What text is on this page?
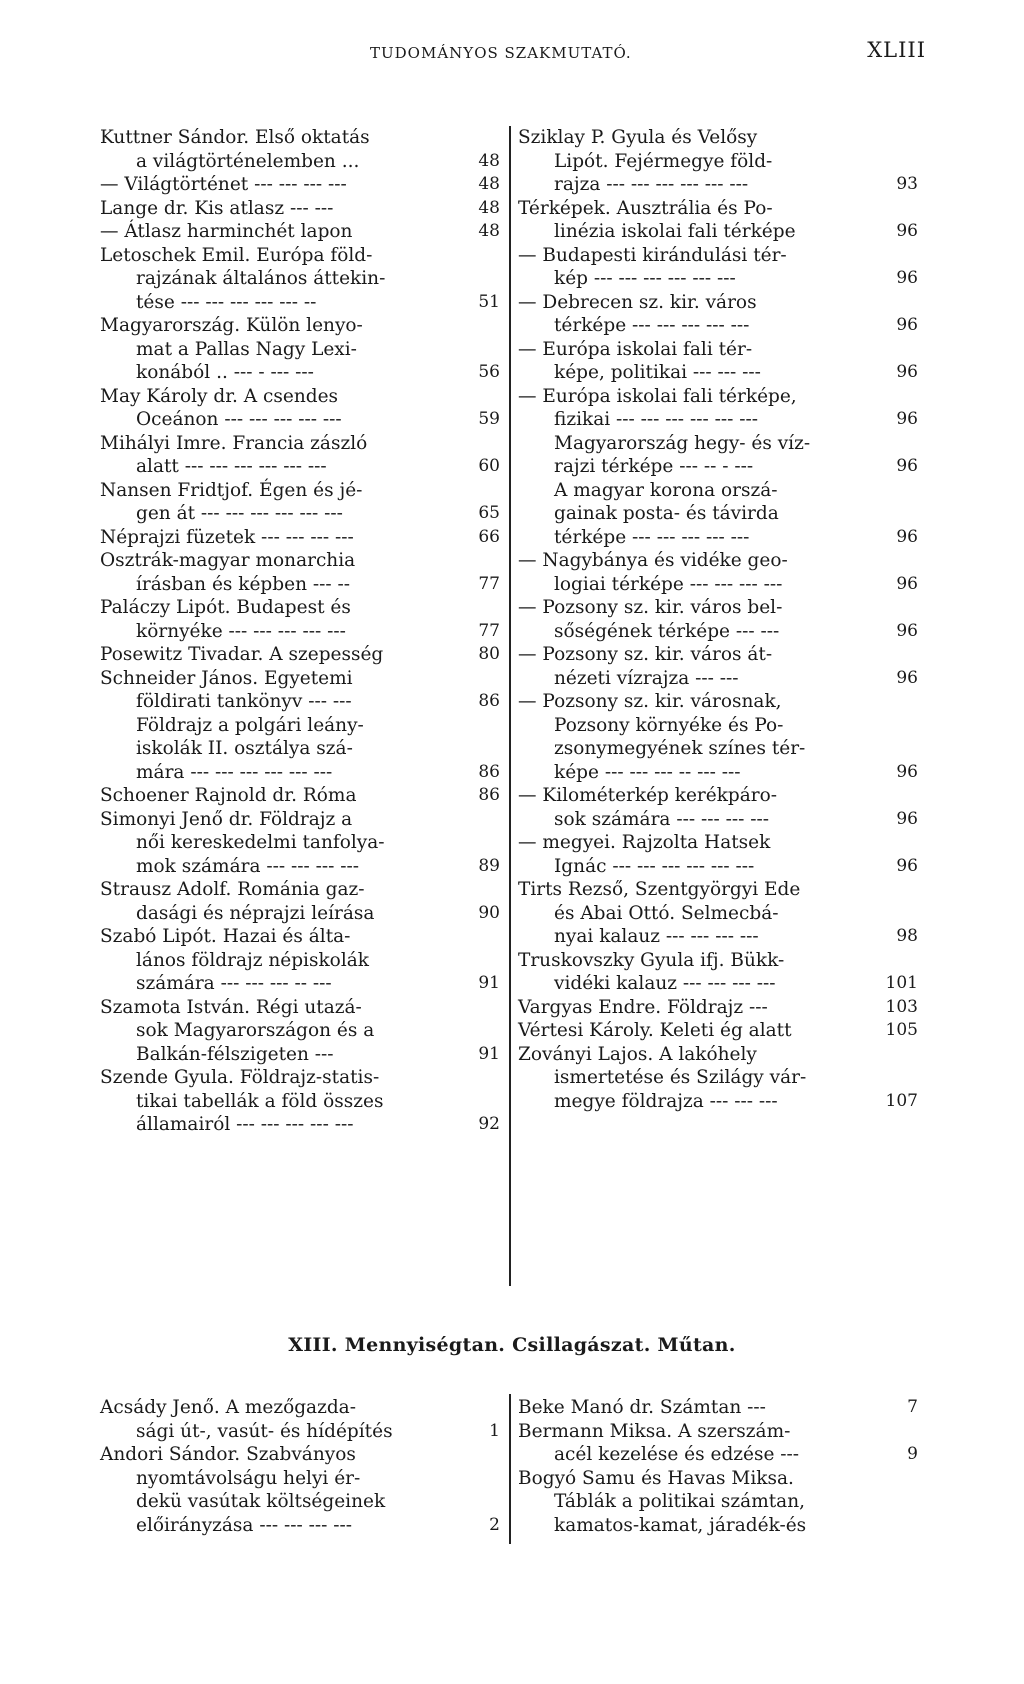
TUDOMÁNYOS SZAKMUTATÓ.	XLIII
Kuttner Sándor. Első oktatás
a világtörténelemben ...	48
— Világtörténet --- --- --- ---	48
Lange dr. Kis atlasz --- ---	48
— Átlasz harminchét lapon	48
Letoschek Emil. Európa föld-
rajzának általános áttekin-
tése --- --- --- --- --- --	51
Magyarország. Külön lenyo-
mat a Pallas Nagy Lexi-
konából .. --- - --- ---	56
May Károly dr. A csendes
Oceánon --- --- --- --- ---	59
Mihályi Imre. Francia zászló
alatt --- --- --- --- --- ---	60
Nansen Fridtjof. Égen és jé-
gen át --- --- --- --- --- ---	65
Néprajzi füzetek --- --- --- ---	66
Osztrák-magyar monarchia
írásban és képben --- --	77
Paláczy Lipót. Budapest és
környéke --- --- --- --- ---	77
Posewitz Tivadar. A szepesség	80
Schneider János. Egyetemi
földirati tankönyv --- ---	86
Földrajz a polgári leány-
iskolák II. osztálya szá-
mára --- --- --- --- --- ---	86
Schoener Rajnold dr. Róma	86
Simonyi Jenő dr. Földrajz a
női kereskedelmi tanfolya-
mok számára --- --- --- ---	89
Strausz Adolf. Románia gaz-
dasági és néprajzi leírása	90
Szabó Lipót. Hazai és álta-
lános földrajz népiskolák
számára --- --- --- -- ---	91
Szamota István. Régi utazá-
sok Magyarországon és a
Balkán-félszigeten ---	91
Szende Gyula. Földrajz-statis-
tikai tabellák a föld összes
államairól --- --- --- --- ---	92
Sziklay P. Gyula és Velősy
Lipót. Fejérmegye föld-
rajza --- --- --- --- --- ---	93
Térképek. Ausztrália és Po-
linézia iskolai fali térképe	96
— Budapesti kirándulási tér-
kép --- --- --- --- --- ---	96
— Debrecen sz. kir. város
térképe --- --- --- --- ---	96
— Európa iskolai fali tér-
képe, politikai --- --- ---	96
— Európa iskolai fali térképe,
fizikai --- --- --- --- --- ---	96
Magyarország hegy- és víz-
rajzi térképe --- -- - ---	96
A magyar korona orszá-
gainak posta- és távirda
térképe --- --- --- --- ---	96
— Nagybánya és vidéke geo-
logiai térképe --- --- --- ---	96
— Pozsony sz. kir. város bel-
sőségének térképe --- ---	96
— Pozsony sz. kir. város át-
nézeti vízrajza --- ---	96
— Pozsony sz. kir. városnak,
Pozsony környéke és Po-
zsonymegyének színes tér-
képe --- --- --- -- --- ---	96
— Kilométerkép kerékpáro-
sok számára --- --- --- ---	96
— megyei. Rajzolta Hatsek
Ignác --- --- --- --- --- ---	96
Tirts Rezső, Szentgyörgyi Ede
és Abai Ottó. Selmecbá-
nyai kalauz --- --- --- ---	98
Truskovszky Gyula ifj. Bükk-
vidéki kalauz --- --- --- ---	101
Vargyas Endre. Földrajz ---	103
Vértesi Károly. Keleti ég alatt	105
Zoványi Lajos. A lakóhely
ismertetése és Szilágy vár-
megye földrajza --- --- ---	107
XIII. Mennyiségtan. Csillagászat. Műtan.
Acsády Jenő. A mezőgazda-
sági út-, vasút- és hídépítés	1
Andori Sándor. Szabványos
nyomtávolságu helyi ér-
dekü vasútak költségeinek
előirányzása --- --- --- ---	2
Beke Manó dr. Számtan ---	7
Bermann Miksa. A szerszám-
acél kezelése és edzése ---	9
Bogyó Samu és Havas Miksa.
Táblák a politikai számtan,
kamatos-kamat, járadék-és
